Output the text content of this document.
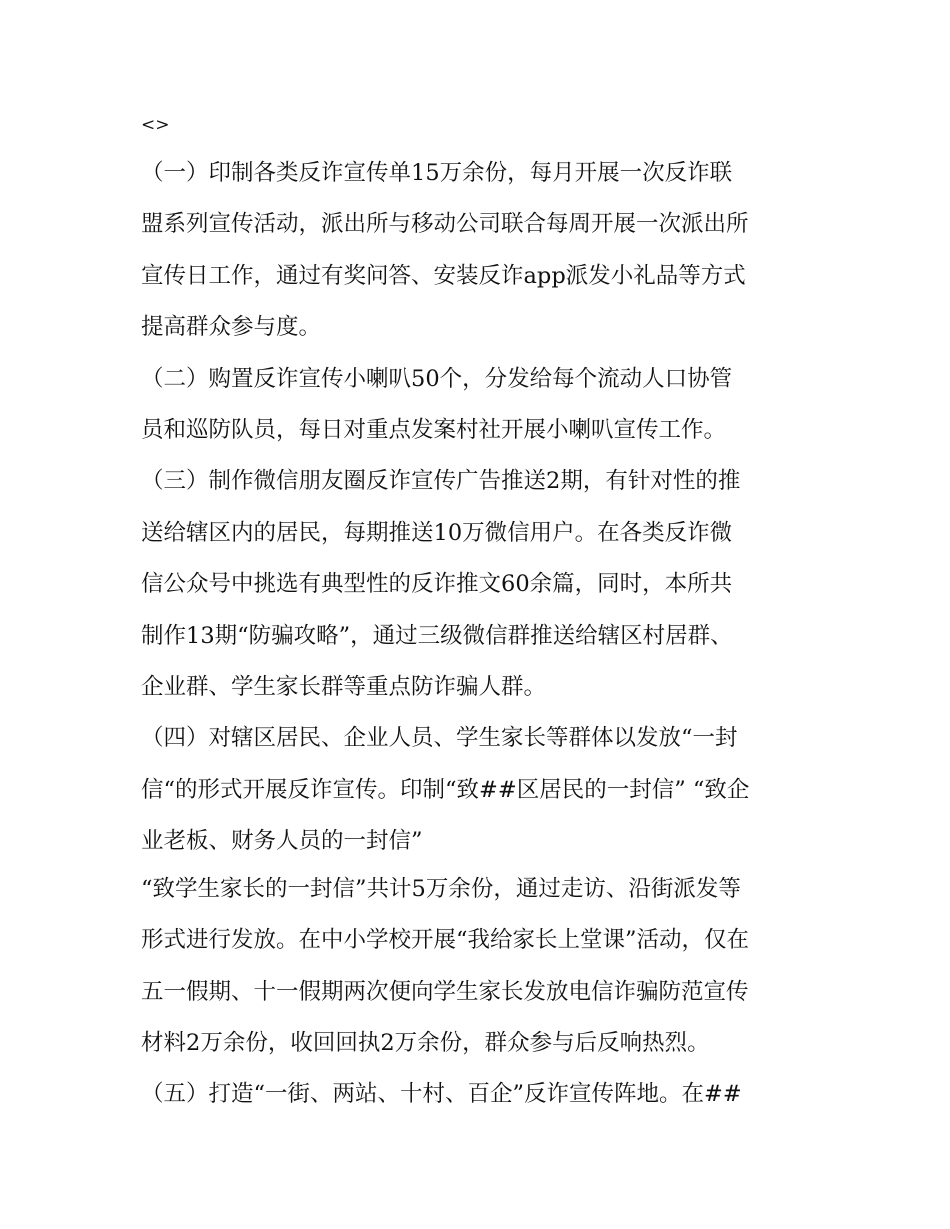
<>
（一）印制各类反诈宣传单15万余份，每月开展一次反诈联
盟系列宣传活动，派出所与移动公司联合每周开展一次派出所
宣传日工作，通过有奖问答、安装反诈app派发小礼品等方式
提高群众参与度。
（二）购置反诈宣传小喇叭50个，分发给每个流动人口协管
员和巡防队员，每日对重点发案村社开展小喇叭宣传工作。
（三）制作微信朋友圈反诈宣传广告推送2期，有针对性的推
送给辖区内的居民，每期推送10万微信用户。在各类反诈微
信公众号中挑选有典型性的反诈推文60余篇，同时，本所共
制作13期“防骗攻略”，通过三级微信群推送给辖区村居群、
企业群、学生家长群等重点防诈骗人群。
（四）对辖区居民、企业人员、学生家长等群体以发放“一封
信“的形式开展反诈宣传。印制“致##区居民的一封信” “致企
业老板、财务人员的一封信”
“致学生家长的一封信”共计5万余份，通过走访、沿街派发等
形式进行发放。在中小学校开展“我给家长上堂课”活动，仅在
五一假期、十一假期两次便向学生家长发放电信诈骗防范宣传
材料2万余份，收回回执2万余份，群众参与后反响热烈。
（五）打造“一街、两站、十村、百企”反诈宣传阵地。在##
